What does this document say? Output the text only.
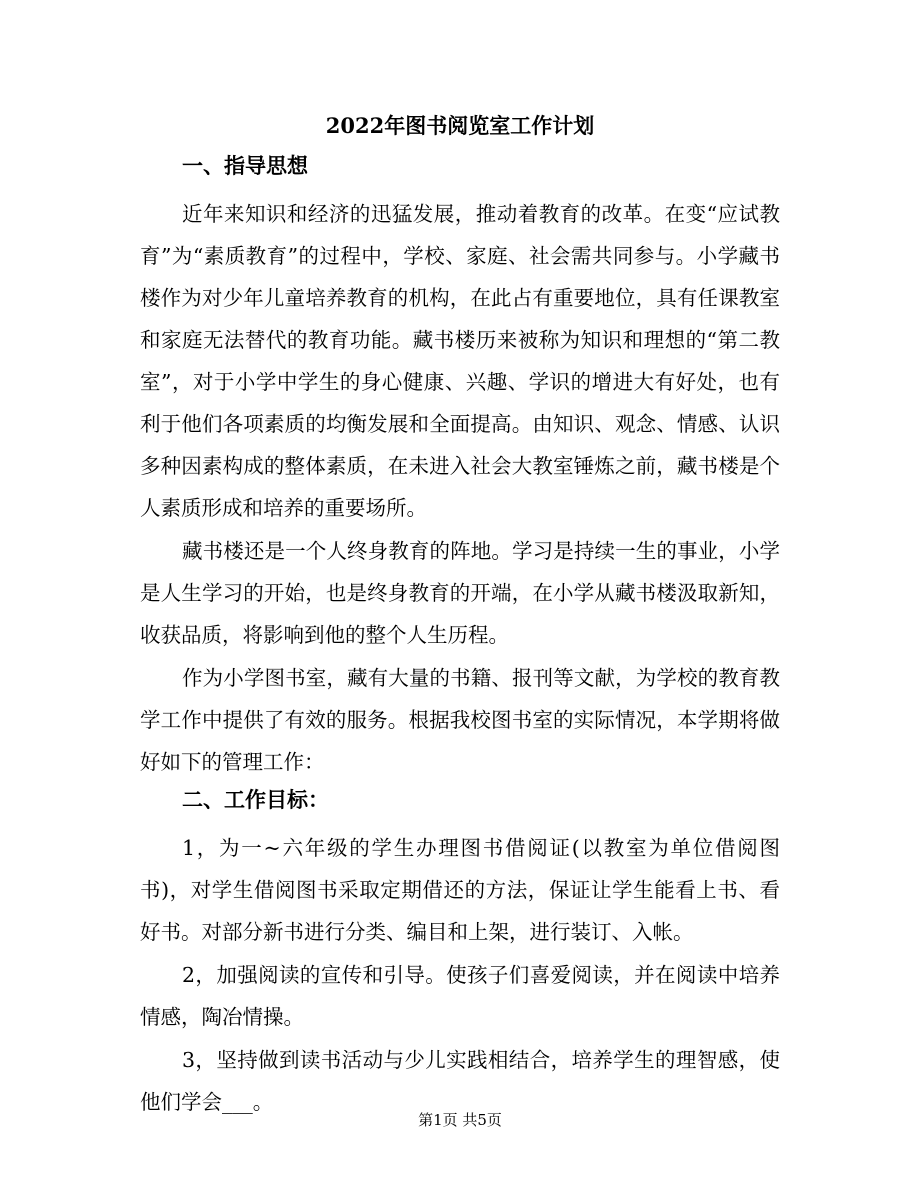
2022年图书阅览室工作计划

一、指导思想

近年来知识和经济的迅猛发展，推动着教育的改革。在变“应试教育”为“素质教育”的过程中，学校、家庭、社会需共同参与。小学藏书楼作为对少年儿童培养教育的机构，在此占有重要地位，具有任课教室和家庭无法替代的教育功能。藏书楼历来被称为知识和理想的“第二教室”，对于小学中学生的身心健康、兴趣、学识的增进大有好处，也有利于他们各项素质的均衡发展和全面提高。由知识、观念、情感、认识多种因素构成的整体素质，在未进入社会大教室锤炼之前，藏书楼是个人素质形成和培养的重要场所。

藏书楼还是一个人终身教育的阵地。学习是持续一生的事业，小学是人生学习的开始，也是终身教育的开端，在小学从藏书楼汲取新知，收获品质，将影响到他的整个人生历程。

作为小学图书室，藏有大量的书籍、报刊等文献，为学校的教育教学工作中提供了有效的服务。根据我校图书室的实际情况，本学期将做好如下的管理工作：

二、工作目标：

1，为一~六年级的学生办理图书借阅证(以教室为单位借阅图书)，对学生借阅图书采取定期借还的方法，保证让学生能看上书、看好书。对部分新书进行分类、编目和上架，进行装订、入帐。

2，加强阅读的宣传和引导。使孩子们喜爱阅读，并在阅读中培养情感，陶冶情操。

3，坚持做到读书活动与少儿实践相结合，培养学生的理智感，使他们学会___。

第1页 共5页
